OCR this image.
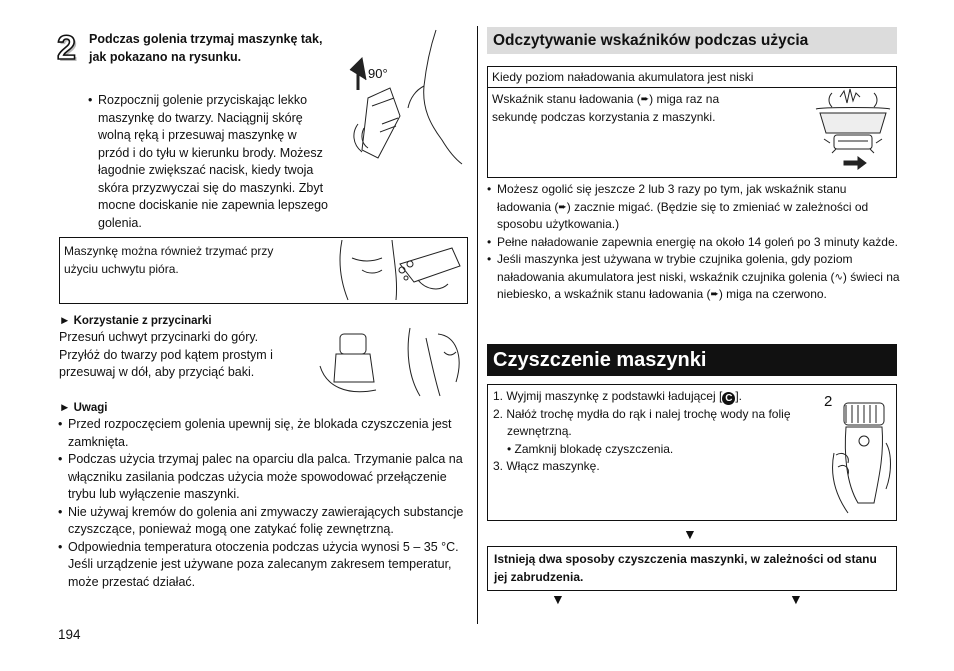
2 Podczas golenia trzymaj maszynkę tak, jak pokazano na rysunku.
• Rozpocznij golenie przyciskając lekko maszynkę do twarzy. Naciągnij skórę wolną ręką i przesuwaj maszynkę w przód i do tyłu w kierunku brody. Możesz łagodnie zwiększać nacisk, kiedy twoja skóra przyzwyczai się do maszynki. Zbyt mocne dociskanie nie zapewnia lepszego golenia.
90°
Maszynkę można również trzymać przy użyciu uchwytu pióra.
► Korzystanie z przycinarki
Przesuń uchwyt przycinarki do góry.
Przyłóż do twarzy pod kątem prostym i
przesuwaj w dół, aby przyciąć baki.
► Uwagi
• Przed rozpoczęciem golenia upewnij się, że blokada czyszczenia jest zamknięta.
• Podczas użycia trzymaj palec na oparciu dla palca. Trzymanie palca na włączniku zasilania podczas użycia może spowodować przełączenie trybu lub wyłączenie maszynki.
• Nie używaj kremów do golenia ani zmywaczy zawierających substancje czyszczące, ponieważ mogą one zatykać folię zewnętrzną.
• Odpowiednia temperatura otoczenia podczas użycia wynosi 5 – 35 °C. Jeśli urządzenie jest używane poza zalecanym zakresem temperatur, może przestać działać.
194
Odczytywanie wskaźników podczas użycia
Kiedy poziom naładowania akumulatora jest niski
Wskaźnik stanu ładowania (➨) miga raz na sekundę podczas korzystania z maszynki.
• Możesz ogolić się jeszcze 2 lub 3 razy po tym, jak wskaźnik stanu ładowania (➨) zacznie migać. (Będzie się to zmieniać w zależności od sposobu użytkowania.)
• Pełne naładowanie zapewnia energię na około 14 goleń po 3 minuty każde.
• Jeśli maszynka jest używana w trybie czujnika golenia, gdy poziom naładowania akumulatora jest niski, wskaźnik czujnika golenia (∿) świeci na niebiesko, a wskaźnik stanu ładowania (➨) miga na czerwono.
Czyszczenie maszynki
1. Wyjmij maszynkę z podstawki ładującej [ C ].
2. Nałóż trochę mydła do rąk i nalej trochę wody na folię zewnętrzną.
• Zamknij blokadę czyszczenia.
3. Włącz maszynkę.
2
▼
Istnieją dwa sposoby czyszczenia maszynki, w zależności od stanu jej zabrudzenia.
▼	▼
